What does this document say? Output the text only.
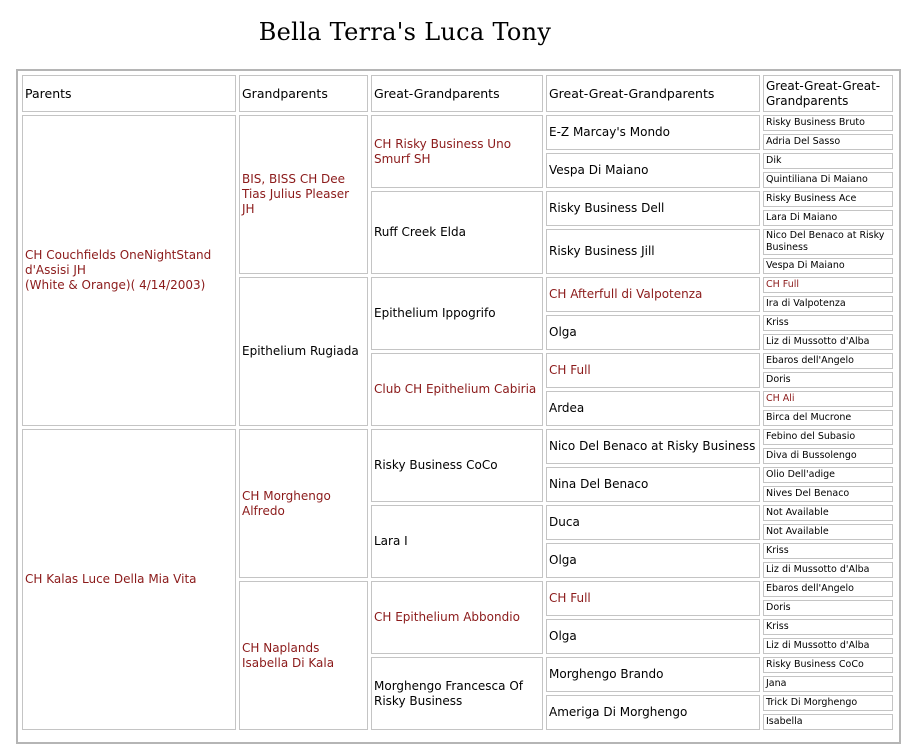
Bella Terra's Luca Tony
Parents	Grandparents	Great-Grandparents	Great-Great-Grandparents	Great-Great-Great-Grandparents

CH Couchfields OneNightStand d'Assisi JH
(White & Orange)( 4/14/2003)	BIS, BISS CH Dee Tias Julius Pleaser JH	CH Risky Business Uno Smurf SH	E-Z Marcay's Mondo	Risky Business Bruto
				Adria Del Sasso
			Vespa Di Maiano	Dik
				Quintiliana Di Maiano
		Ruff Creek Elda	Risky Business Dell	Risky Business Ace
				Lara Di Maiano
			Risky Business Jill	Nico Del Benaco at Risky Business
				Vespa Di Maiano
	Epithelium Rugiada	Epithelium Ippogrifo	CH Afterfull di Valpotenza	CH Full
				Ira di Valpotenza
			Olga	Kriss
				Liz di Mussotto d'Alba
		Club CH Epithelium Cabiria	CH Full	Ebaros dell'Angelo
				Doris
			Ardea	CH Ali
				Birca del Mucrone

CH Kalas Luce Della Mia Vita	CH Morghengo Alfredo	Risky Business CoCo	Nico Del Benaco at Risky Business	Febino del Subasio
				Diva di Bussolengo
			Nina Del Benaco	Olio Dell'adige
				Nives Del Benaco
		Lara I	Duca	Not Available
				Not Available
			Olga	Kriss
				Liz di Mussotto d'Alba
	CH Naplands Isabella Di Kala	CH Epithelium Abbondio	CH Full	Ebaros dell'Angelo
				Doris
			Olga	Kriss
				Liz di Mussotto d'Alba
		Morghengo Francesca Of Risky Business	Morghengo Brando	Risky Business CoCo
				Jana
			Ameriga Di Morghengo	Trick Di Morghengo
				Isabella
